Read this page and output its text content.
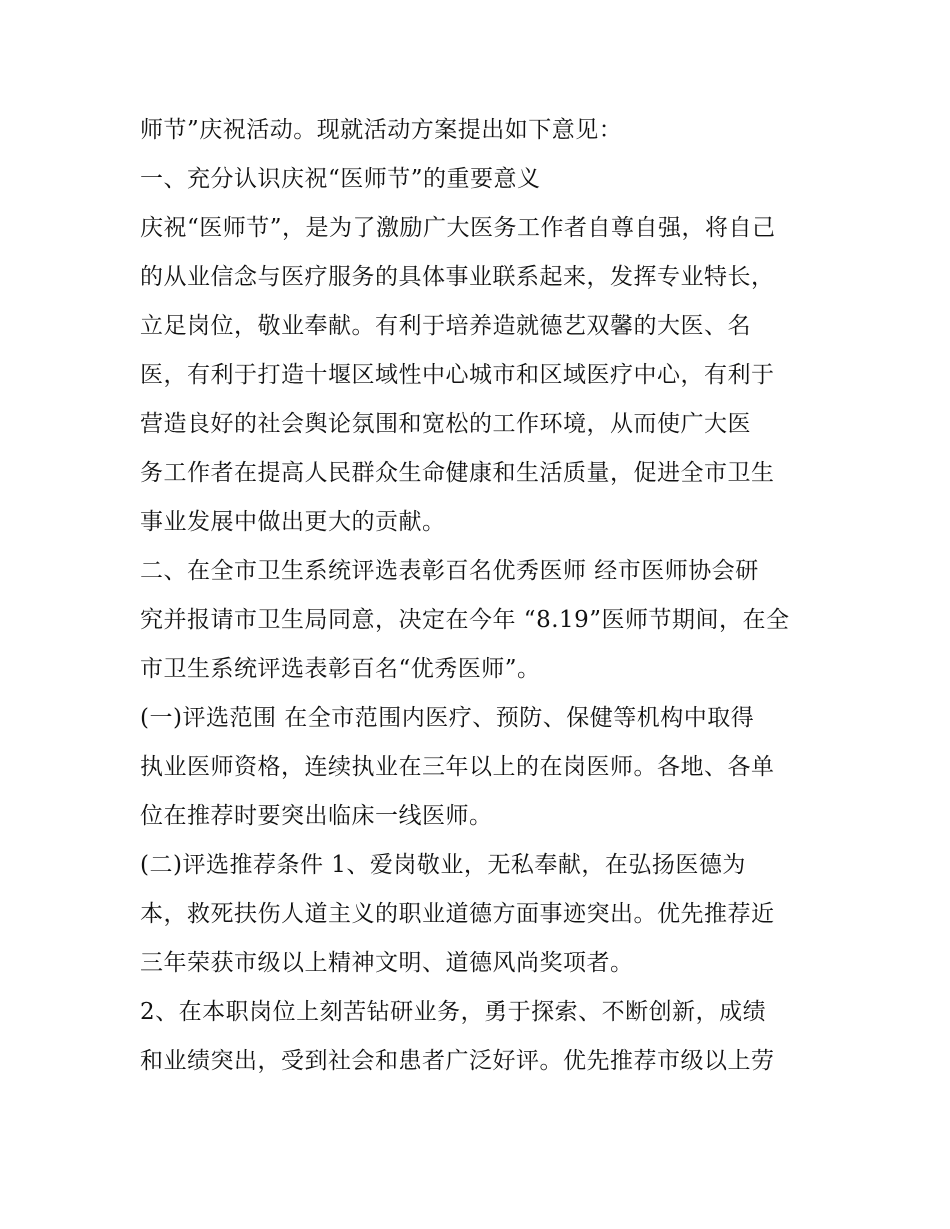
师节”庆祝活动。现就活动方案提出如下意见：
一、充分认识庆祝“医师节”的重要意义
庆祝“医师节”，是为了激励广大医务工作者自尊自强，将自己
的从业信念与医疗服务的具体事业联系起来，发挥专业特长，
立足岗位，敬业奉献。有利于培养造就德艺双馨的大医、名
医，有利于打造十堰区域性中心城市和区域医疗中心，有利于
营造良好的社会舆论氛围和宽松的工作环境，从而使广大医
务工作者在提高人民群众生命健康和生活质量，促进全市卫生
事业发展中做出更大的贡献。
二、在全市卫生系统评选表彰百名优秀医师 经市医师协会研
究并报请市卫生局同意，决定在今年 “8.19”医师节期间，在全
市卫生系统评选表彰百名“优秀医师”。
(一)评选范围 在全市范围内医疗、预防、保健等机构中取得
执业医师资格，连续执业在三年以上的在岗医师。各地、各单
位在推荐时要突出临床一线医师。
(二)评选推荐条件 1、爱岗敬业，无私奉献，在弘扬医德为
本，救死扶伤人道主义的职业道德方面事迹突出。优先推荐近
三年荣获市级以上精神文明、道德风尚奖项者。
2、在本职岗位上刻苦钻研业务，勇于探索、不断创新，成绩
和业绩突出，受到社会和患者广泛好评。优先推荐市级以上劳
